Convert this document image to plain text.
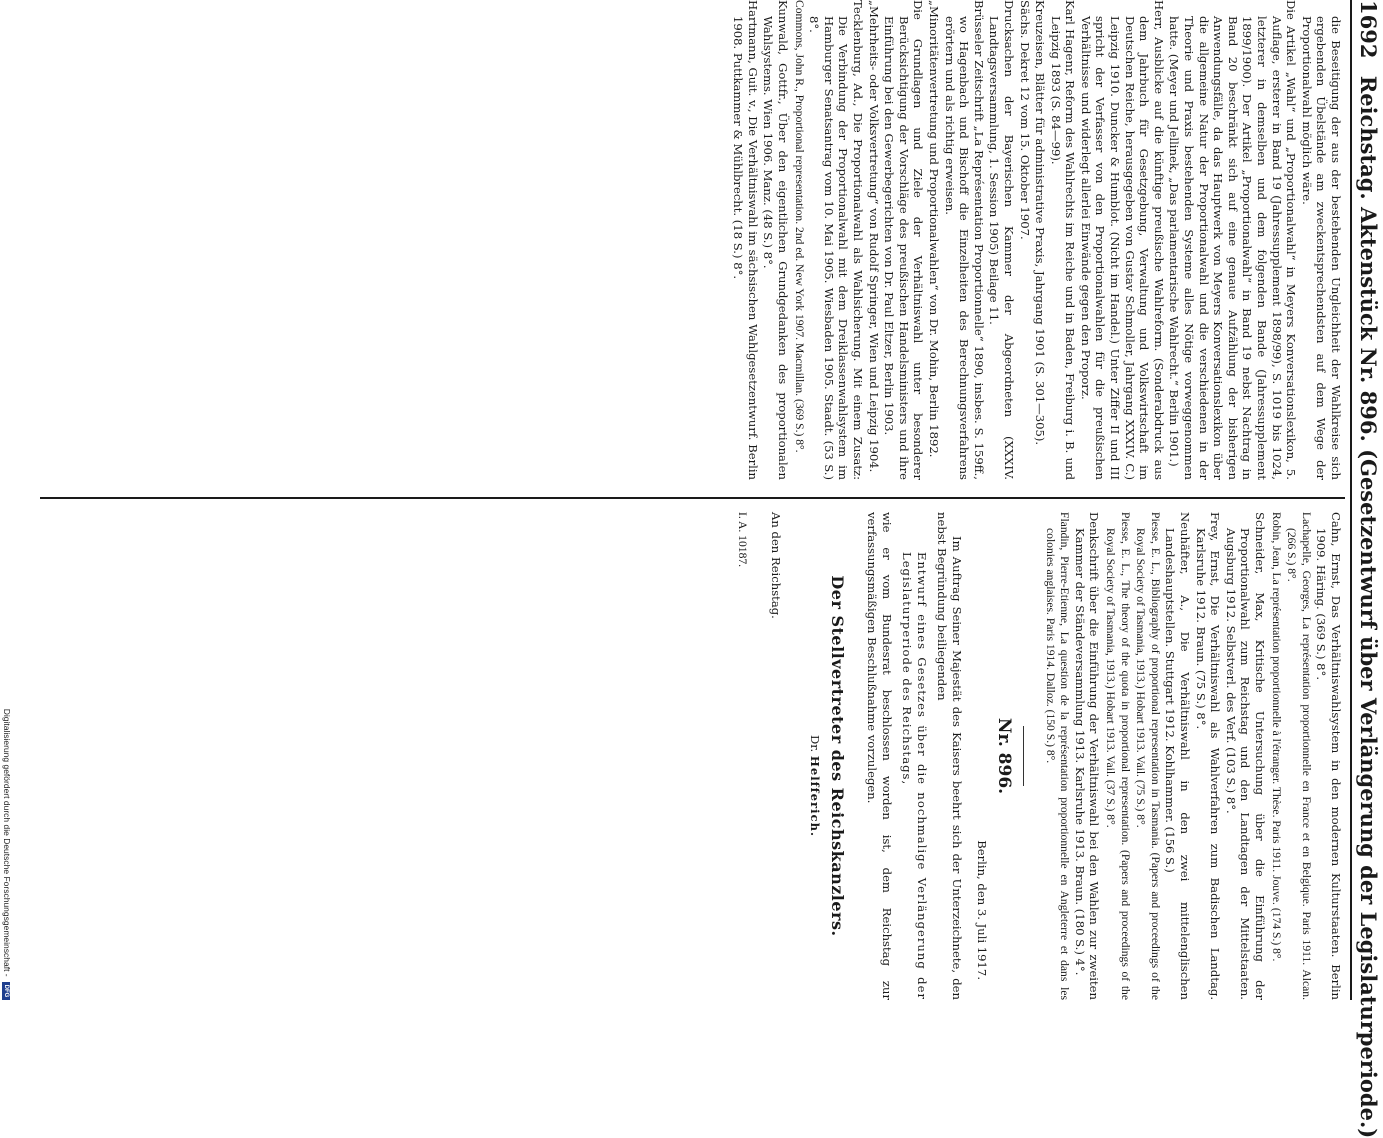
1692 Reichstag. Aktenstück Nr. 896. (Gesetzentwurf über Verlängerung der Legislaturperiode.)
die Beseitigung der aus der bestehenden Ungleichheit der Wahlkreise sich ergebenden Übelstände am zweckentsprechendsten auf dem Wege der Proportionalwahl möglich wäre.
Die Artikel „Wahl“ und „Proportionalwahl“ in Meyers Konversationslexikon, 5. Auflage, ersterer in Band 19 (Jahressupplement 1898/99), S. 1019 bis 1024, letzterer in demselben und dem folgenden Bande (Jahressupplement 1899/1900). Der Artikel „Proportionalwahl“ in Band 19 nebst Nachtrag in Band 20 beschränkt sich auf eine genaue Aufzählung der bisherigen Anwendungsfälle, da das Hauptwerk von Meyers Konversationslexikon über die allgemeine Natur der Proportionalwahl und die verschiedenen in der Theorie und Praxis bestehenden Systeme alles Nötige vorweggenommen hatte. (Meyer und Jellinek, „Das parlamentarische Wahlrecht.“ Berlin 1901.)
Herr, Ausblicke auf die künftige preußische Wahlreform. (Sonderabdruck aus dem Jahrbuch für Gesetzgebung, Verwaltung und Volkswirtschaft im Deutschen Reiche, herausgegeben von Gustav Schmoller, Jahrgang XXXIV. C.) Leipzig 1910. Duncker & Humblot. (Nicht im Handel.) Unter Ziffer II und III spricht der Verfasser von den Proportionalwahlen für die preußischen Verhältnisse und widerlegt allerlei Einwände gegen den Proporz.
Karl Hagenr, Reform des Wahlrechts im Reiche und in Baden, Freiburg i. B. und Leipzig 1893 (S. 84—99).
Kreuzeisen, Blätter für administrative Praxis, Jahrgang 1901 (S. 301—305).
Sächs. Dekret 12 vom 15. Oktober 1907.
Drucksachen der Bayerischen Kammer der Abgeordneten (XXXIV. Landtagsversammlung, 1. Session 1905) Beilage 11.
Brüsseler Zeitschrift „La Représentation Proportionnelle“ 1890, insbes. S. 159ff., wo Hagenbach und Bischoff die Einzelheiten des Berechnungsverfahrens erörtern und als richtig erweisen.
„Minoritätenvertretung und Proportionalwahlen“ von Dr. Mohin, Berlin 1892.
Die Grundlagen und Ziele der Verhältniswahl unter besonderer Berücksichtigung der Vorschläge des preußischen Handelsministers und ihre Einführung bei den Gewerbegerichten von Dr. Paul Eltzer, Berlin 1903.
„Mehrheits- oder Volksvertretung“ von Rudolf Springer, Wien und Leipzig 1904.
Tecklenburg, Ad., Die Proportionalwahl als Wahlsicherung. Mit einem Zusatz: Die Verbindung der Proportionalwahl mit dem Dreiklassenwahlsystem im Hamburger Senatsantrag vom 10. Mai 1905. Wiesbaden 1905. Staadt. (53 S.) 8°.
Commons, John R., Proportional representation. 2nd ed. New York 1907. Macmillan. (369 S.) 8°.
Kunwald, Gottfr., Über den eigentlichen Grundgedanken des proportionalen Wahlsystems. Wien 1906. Manz. (48 S.) 8°.
Hartmann, Guit. v., Die Verhältniswahl im sächsischen Wahlgesetzentwurf. Berlin 1908. Puttkammer & Mühlbrecht. (18 S.) 8°.
Cahn, Ernst, Das Verhältniswahlsystem in den modernen Kulturstaaten. Berlin 1909. Häring. (369 S.) 8°.
Lachapelle, Georges, La représentation proportionnelle en France et en Belgique. Paris 1911. Alcan. (266 S.) 8°.
Robin, Jean, La représentation proportionnelle à l'étranger. Thèse. Paris 1911. Jouve. (174 S.) 8°.
Schneider, Max, Kritische Untersuchung über die Einführung der Proportionalwahl zum Reichstag und den Landtagen der Mittelstaaten. Augsburg 1912. Selbstverl. des Verf. (103 S.) 8°.
Frey, Ernst, Die Verhältniswahl als Wahlverfahren zum Badischen Landtag. Karlsruhe 1912. Braun. (75 S.) 8°.
Neuhäfter, A., Die Verhältniswahl in den zwei mittelenglischen Landeshauptstellen. Stuttgart 1912. Kohlhammer. (156 S.)
Piesse, E. L., Bibliography of proportional representation in Tasmania. (Papers and proceedings of the Royal Society of Tasmania, 1913.) Hobart 1913. Vail. (75 S.) 8°.
Piesse, E. L., The theory of the quota in proportional representation. (Papers and proceedings of the Royal Society of Tasmania, 1913.) Hobart 1913. Vail. (37 S.) 8°.
Denkschrift über die Einführung der Verhältniswahl bei den Wahlen zur zweiten Kammer der Ständeversammlung 1913. Karlsruhe 1913. Braun. (180 S.) 4°.
Flandin, Pierre-Etienne, La question de la représentation proportionnelle en Angleterre et dans les colonies anglaises. Paris 1914. Dalloz. (150 S.) 8°.
Nr. 896.
Berlin, den 3. Juli 1917.
Im Auftrag Seiner Majestät des Kaisers beehrt sich der Unterzeichnete, den nebst Begründung beiliegenden
Entwurf eines Gesetzes über die nochmalige Verlängerung der Legislaturperiode des Reichstags,
wie er vom Bundesrat beschlossen worden ist, dem Reichstag zur verfassungsmäßigen Beschlußnahme vorzulegen.
Der Stellvertreter des Reichskanzlers.
Dr. Helfferich.
An den Reichstag.
I. A. 10187.
Digitalisierung gefördert durch die Deutsche Forschungsgemeinschaft - DFG
